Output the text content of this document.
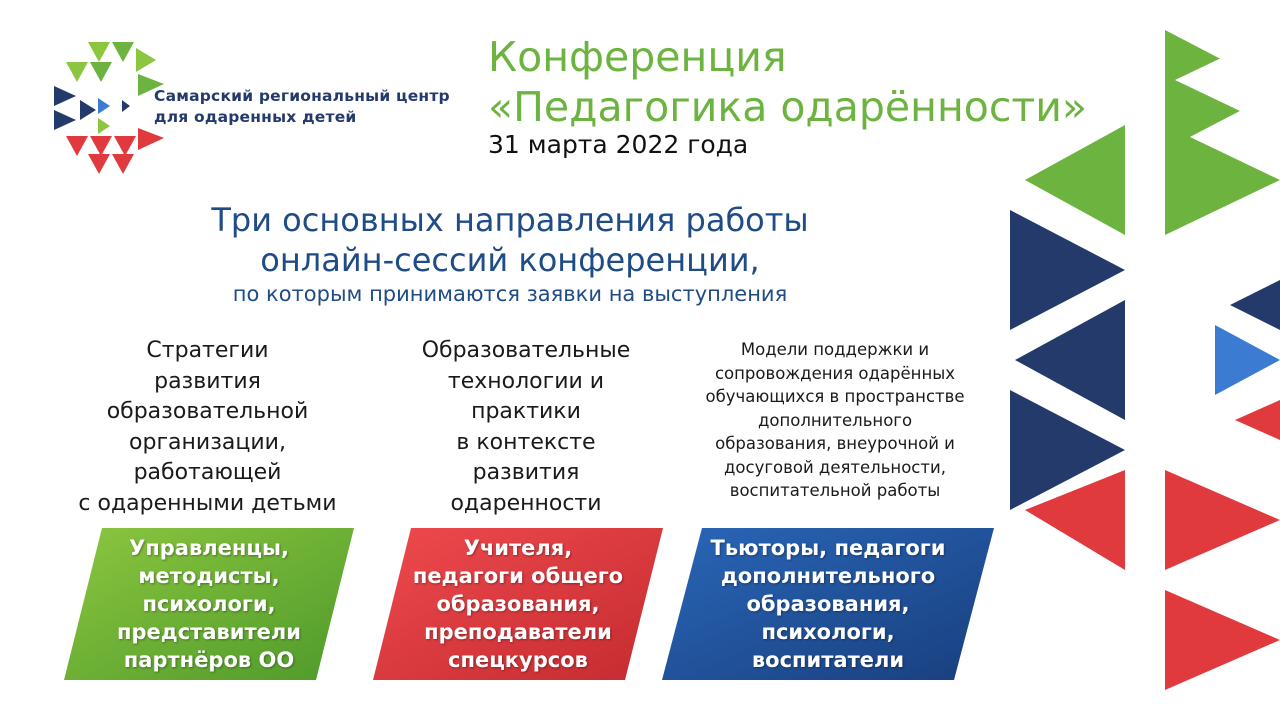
Самарский региональный центр
для одаренных детей
Конференция
«Педагогика одарённости»
31 марта 2022 года
Три основных направления работы
онлайн-сессий конференции,
по которым принимаются заявки на выступления
Стратегии
развития
образовательной
организации,
работающей
с одаренными детьми
Образовательные
технологии и
практики
в контексте
развития
одаренности
Модели поддержки и
сопровождения одарённых
обучающихся в пространстве
дополнительного
образования, внеурочной и
досуговой деятельности,
воспитательной работы
Управленцы,
методисты,
психологи,
представители
партнёров ОО
Учителя,
педагоги общего
образования,
преподаватели
спецкурсов
Тьюторы, педагоги
дополнительного
образования,
психологи,
воспитатели
